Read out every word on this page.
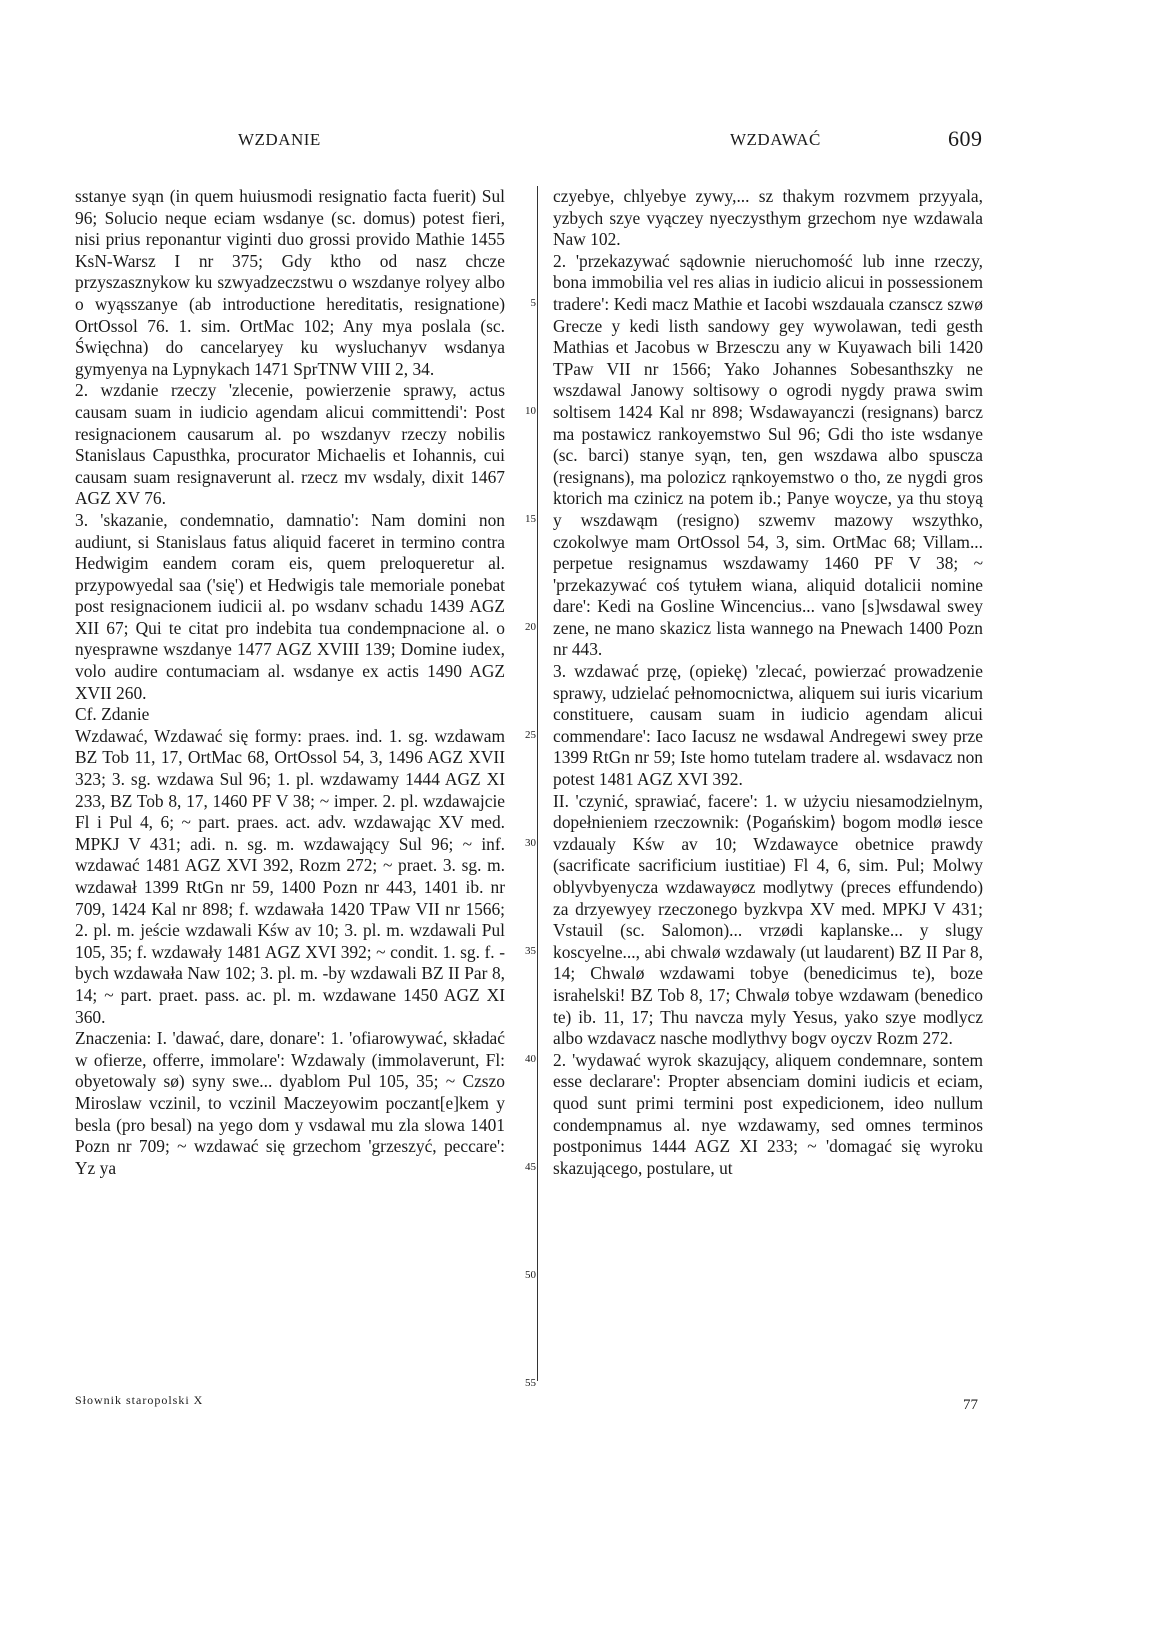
WZDANIE	WZDAWAĆ	609

sstanye syąn (in quem huiusmodi resignatio facta fuerit) Sul 96; Solucio neque eciam wsdanye (sc. domus) potest fieri, nisi prius reponantur viginti duo grossi provido Mathie 1455 KsN-Warsz I nr 375; Gdy ktho od nasz chcze przyszasznykow ku szwyadzeczstwu o wszdanye rolyey albo o wyąsszanye (ab introductione hereditatis, resignatione) OrtOssol 76. 1. sim. OrtMac 102; Any mya poslala (sc. Święchna) do cancelaryey ku wysluchanyv wsdanya gymyenya na Lypnykach 1471 SprTNW VIII 2, 34.

2. wzdanie rzeczy 'zlecenie, powierzenie sprawy, actus causam suam in iudicio agendam alicui committendi': Post resignacionem causarum al. po wszdanyv rzeczy nobilis Stanislaus Capusthka, procurator Michaelis et Iohannis, cui causam suam resignaverunt al. rzecz mv wsdaly, dixit 1467 AGZ XV 76.

3. 'skazanie, condemnatio, damnatio': Nam domini non audiunt, si Stanislaus fatus aliquid faceret in termino contra Hedwigim eandem coram eis, quem preloqueretur al. przypowyedal saa ('się') et Hedwigis tale memoriale ponebat post resignacionem iudicii al. po wsdanv schadu 1439 AGZ XII 67; Qui te citat pro indebita tua condempnacione al. o nyesprawne wszdanye 1477 AGZ XVIII 139; Domine iudex, volo audire contumaciam al. wsdanye ex actis 1490 AGZ XVII 260.

Cf. Zdanie

Wzdawać, Wzdawać się formy: praes. ind. 1. sg. wzdawam BZ Tob 11, 17, OrtMac 68, OrtOssol 54, 3, 1496 AGZ XVII 323; 3. sg. wzdawa Sul 96; 1. pl. wzdawamy 1444 AGZ XI 233, BZ Tob 8, 17, 1460 PF V 38; ~ imper. 2. pl. wzdawajcie Fl i Pul 4, 6; ~ part. praes. act. adv. wzdawając XV med. MPKJ V 431; adi. n. sg. m. wzdawający Sul 96; ~ inf. wzdawać 1481 AGZ XVI 392, Rozm 272; ~ praet. 3. sg. m. wzdawał 1399 RtGn nr 59, 1400 Pozn nr 443, 1401 ib. nr 709, 1424 Kal nr 898; f. wzdawała 1420 TPaw VII nr 1566; 2. pl. m. jeście wzdawali Kśw av 10; 3. pl. m. wzdawali Pul 105, 35; f. wzdawały 1481 AGZ XVI 392; ~ condit. 1. sg. f. -bych wzdawała Naw 102; 3. pl. m. -by wzdawali BZ II Par 8, 14; ~ part. praet. pass. ac. pl. m. wzdawane 1450 AGZ XI 360.

Znaczenia: I. 'dawać, dare, donare': 1. 'ofiarowywać, składać w ofierze, offerre, immolare': Wzdawaly (immolaverunt, Fl: obyetowaly sø) syny swe... dyablom Pul 105, 35; ~ Czszo Miroslaw vczinil, to vczinil Maczeyowim poczant[e]kem y besla (pro besal) na yego dom y vsdawal mu zla slowa 1401 Pozn nr 709; ~ wzdawać się grzechom 'grzeszyć, peccare': Yz ya

5
10
15
20
25
30
35
40
45
50
55

czyebye, chlyebye zywy,... sz thakym rozvmem przyyala, yzbych szye vyączey nyeczysthym grzechom nye wzdawala Naw 102.

2. 'przekazywać sądownie nieruchomość lub inne rzeczy, bona immobilia vel res alias in iudicio alicui in possessionem tradere': Kedi macz Mathie et Iacobi wszdauala czanscz szwø Grecze y kedi listh sandowy gey wywolawan, tedi gesth Mathias et Jacobus w Brzesczu any w Kuyawach bili 1420 TPaw VII nr 1566; Yako Johannes Sobesanthszky ne wszdawal Janowy soltisowy o ogrodi nygdy prawa swim soltisem 1424 Kal nr 898; Wsdawayanczi (resignans) barcz ma postawicz rankoyemstwo Sul 96; Gdi tho iste wsdanye (sc. barci) stanye syąn, ten, gen wszdawa albo spuscza (resignans), ma polozicz rąnkoyemstwo o tho, ze nygdi gros ktorich ma czinicz na potem ib.; Panye woycze, ya thu stoyą y wszdawąm (resigno) szwemv mazowy wszythko, czokolwye mam OrtOssol 54, 3, sim. OrtMac 68; Villam... perpetue resignamus wszdawamy 1460 PF V 38; ~ 'przekazywać coś tytułem wiana, aliquid dotalicii nomine dare': Kedi na Gosline Wincencius... vano [s]wsdawal swey zene, ne mano skazicz lista wannego na Pnewach 1400 Pozn nr 443.

3. wzdawać przę, (opiekę) 'zlecać, powierzać prowadzenie sprawy, udzielać pełnomocnictwa, aliquem sui iuris vicarium constituere, causam suam in iudicio agendam alicui commendare': Iaco Iacusz ne wsdawal Andregewi swey prze 1399 RtGn nr 59; Iste homo tutelam tradere al. wsdavacz non potest 1481 AGZ XVI 392.

II. 'czynić, sprawiać, facere': 1. w użyciu niesamodzielnym, dopełnieniem rzeczownik: ⟨Pogańskim⟩ bogom modlø iesce vzdaualy Kśw av 10; Wzdawayce obetnice prawdy (sacrificate sacrificium iustitiae) Fl 4, 6, sim. Pul; Molwy oblyvbyenycza wzdawayøcz modlytwy (preces effundendo) za drzyewyey rzeczonego byzkvpa XV med. MPKJ V 431; Vstauil (sc. Salomon)... vrzødi kaplanske... y slugy koscyelne..., abi chwalø wzdawaly (ut laudarent) BZ II Par 8, 14; Chwalø wzdawami tobye (benedicimus te), boze israhelski! BZ Tob 8, 17; Chwalø tobye wzdawam (benedico te) ib. 11, 17; Thu navcza myly Yesus, yako szye modlycz albo wzdavacz nasche modlythvy bogv oyczv Rozm 272.

2. 'wydawać wyrok skazujący, aliquem condemnare, sontem esse declarare': Propter absenciam domini iudicis et eciam, quod sunt primi termini post expedicionem, ideo nullum condempnamus al. nye wzdawamy, sed omnes terminos postponimus 1444 AGZ XI 233; ~ 'domagać się wyroku skazującego, postulare, ut

Słownik staropolski X	77
